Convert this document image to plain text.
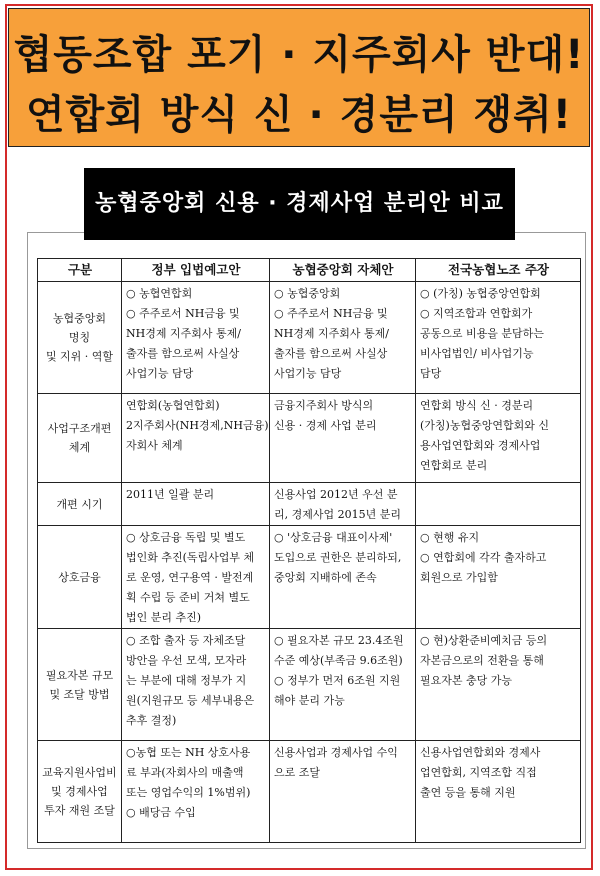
협동조합 포기 · 지주회사 반대!
연합회 방식 신 · 경분리 쟁취!
농협중앙회 신용 · 경제사업 분리안 비교
구분	정부 입법예고안	농협중앙회 자체안	전국농협노조 주장

농협중앙회
명칭
및 지위 · 역할	○ 농협연합회
○ 주주로서 NH금융 및
NH경제 지주회사 통제/
출자를 함으로써 사실상
사업기능 담당	○ 농협중앙회
○ 주주로서 NH금융 및
NH경제 지주회사 통제/
출자를 함으로써 사실상
사업기능 담당	○ (가칭) 농협중앙연합회
○ 지역조합과 연합회가
공동으로 비용을 분담하는
비사업법인/ 비사업기능
담당

사업구조개편
체계	연합회(농협연합회)
2지주회사(NH경제,NH금융)
자회사 체계	금융지주회사 방식의
신용 · 경제 사업 분리	연합회 방식 신 · 경분리
(가칭)농협중앙연합회와 신
용사업연합회와 경제사업
연합회로 분리

개편 시기	2011년 일괄 분리	신용사업 2012년 우선 분
리, 경제사업 2015년 분리	

상호금융	○ 상호금융 독립 및 별도
법인화 추진(독립사업부 체
로 운영, 연구용역 · 발전계
획 수립 등 준비 거쳐 별도
법인 분리 추진)	○ '상호금융 대표이사제'
도입으로 권한은 분리하되,
중앙회 지배하에 존속	○ 현행 유지
○ 연합회에 각각 출자하고
회원으로 가입함

필요자본 규모
및 조달 방법	○ 조합 출자 등 자체조달
방안을 우선 모색, 모자라
는 부분에 대해 정부가 지
원(지원규모 등 세부내용은
추후 결정)	○ 필요자본 규모 23.4조원
수준 예상(부족금 9.6조원)
○ 정부가 먼저 6조원 지원
해야 분리 가능	○ 현)상환준비예치금 등의
자본금으로의 전환을 통해
필요자본 충당 가능

교육지원사업비
및 경제사업
투자 재원 조달	○농협 또는 NH 상호사용
료 부과(자회사의 매출액
또는 영업수익의 1%범위)
○ 배당금 수입	신용사업과 경제사업 수익
으로 조달	신용사업연합회와 경제사
업연합회, 지역조합 직접
출연 등을 통해 지원
